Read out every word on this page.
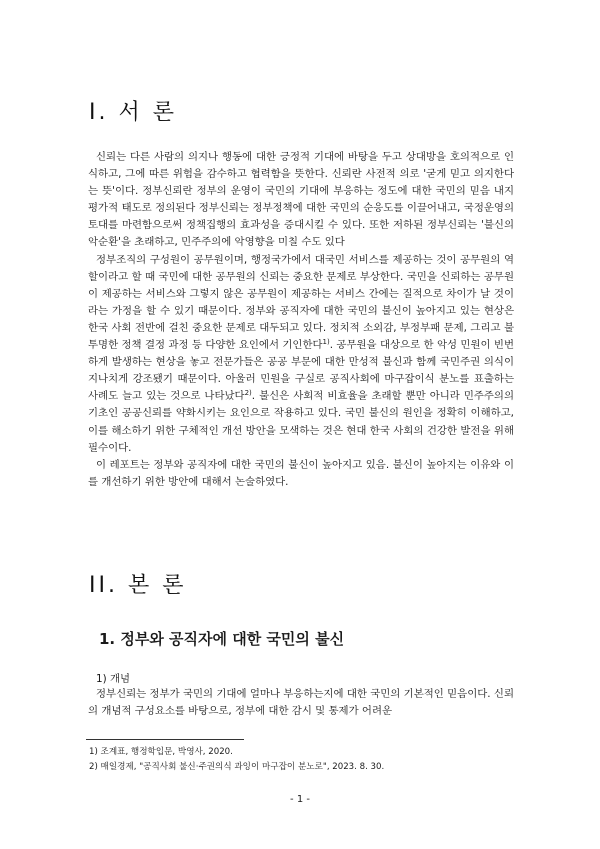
I. 서 론

신뢰는 다른 사람의 의지나 행동에 대한 긍정적 기대에 바탕을 두고 상대방을 호의적으로 인식하고, 그에 따른 위험을 감수하고 협력함을 뜻한다. 신뢰란 사전적 의로 '굳게 믿고 의지한다는 뜻'이다. 정부신뢰란 정부의 운영이 국민의 기대에 부응하는 정도에 대한 국민의 믿음 내지 평가적 태도로 정의된다 정부신뢰는 정부정책에 대한 국민의 순응도를 이끌어내고, 국정운영의 토대를 마련함으로써 정책집행의 효과성을 증대시킬 수 있다. 또한 저하된 정부신뢰는 '불신의 악순환'을 초래하고, 민주주의에 악영향을 미칠 수도 있다

정부조직의 구성원이 공무원이며, 행정국가에서 대국민 서비스를 제공하는 것이 공무원의 역할이라고 할 때 국민에 대한 공무원의 신뢰는 중요한 문제로 부상한다. 국민을 신뢰하는 공무원이 제공하는 서비스와 그렇지 않은 공무원이 제공하는 서비스 간에는 질적으로 차이가 날 것이라는 가정을 할 수 있기 때문이다. 정부와 공직자에 대한 국민의 불신이 높아지고 있는 현상은 한국 사회 전반에 걸친 중요한 문제로 대두되고 있다. 정치적 소외감, 부정부패 문제, 그리고 불투명한 정책 결정 과정 등 다양한 요인에서 기인한다$^{1)}$. 공무원을 대상으로 한 악성 민원이 빈번하게 발생하는 현상을 놓고 전문가들은 공공 부문에 대한 만성적 불신과 함께 국민주권 의식이 지나치게 강조됐기 때문이다. 아울러 민원을 구실로 공직사회에 마구잡이식 분노를 표출하는 사례도 늘고 있는 것으로 나타났다$^{2)}$. 불신은 사회적 비효율을 초래할 뿐만 아니라 민주주의의 기초인 공공신뢰를 약화시키는 요인으로 작용하고 있다. 국민 불신의 원인을 정확히 이해하고, 이를 해소하기 위한 구체적인 개선 방안을 모색하는 것은 현대 한국 사회의 건강한 발전을 위해 필수이다.

이 레포트는 정부와 공직자에 대한 국민의 불신이 높아지고 있음. 불신이 높아지는 이유와 이를 개선하기 위한 방안에 대해서 논술하였다.

II. 본 론
1. 정부와 공직자에 대한 국민의 불신
1) 개념

정부신뢰는 정부가 국민의 기대에 얼마나 부응하는지에 대한 국민의 기본적인 믿음이다. 신뢰의 개념적 구성요소를 바탕으로, 정부에 대한 감시 및 통제가 어려운

1) 조계표, 행정학입문, 박영사, 2020.
2) 매일경제, "공직사회 불신·주권의식 과잉이 마구잡이 분노로", 2023. 8. 30.
- 1 -
